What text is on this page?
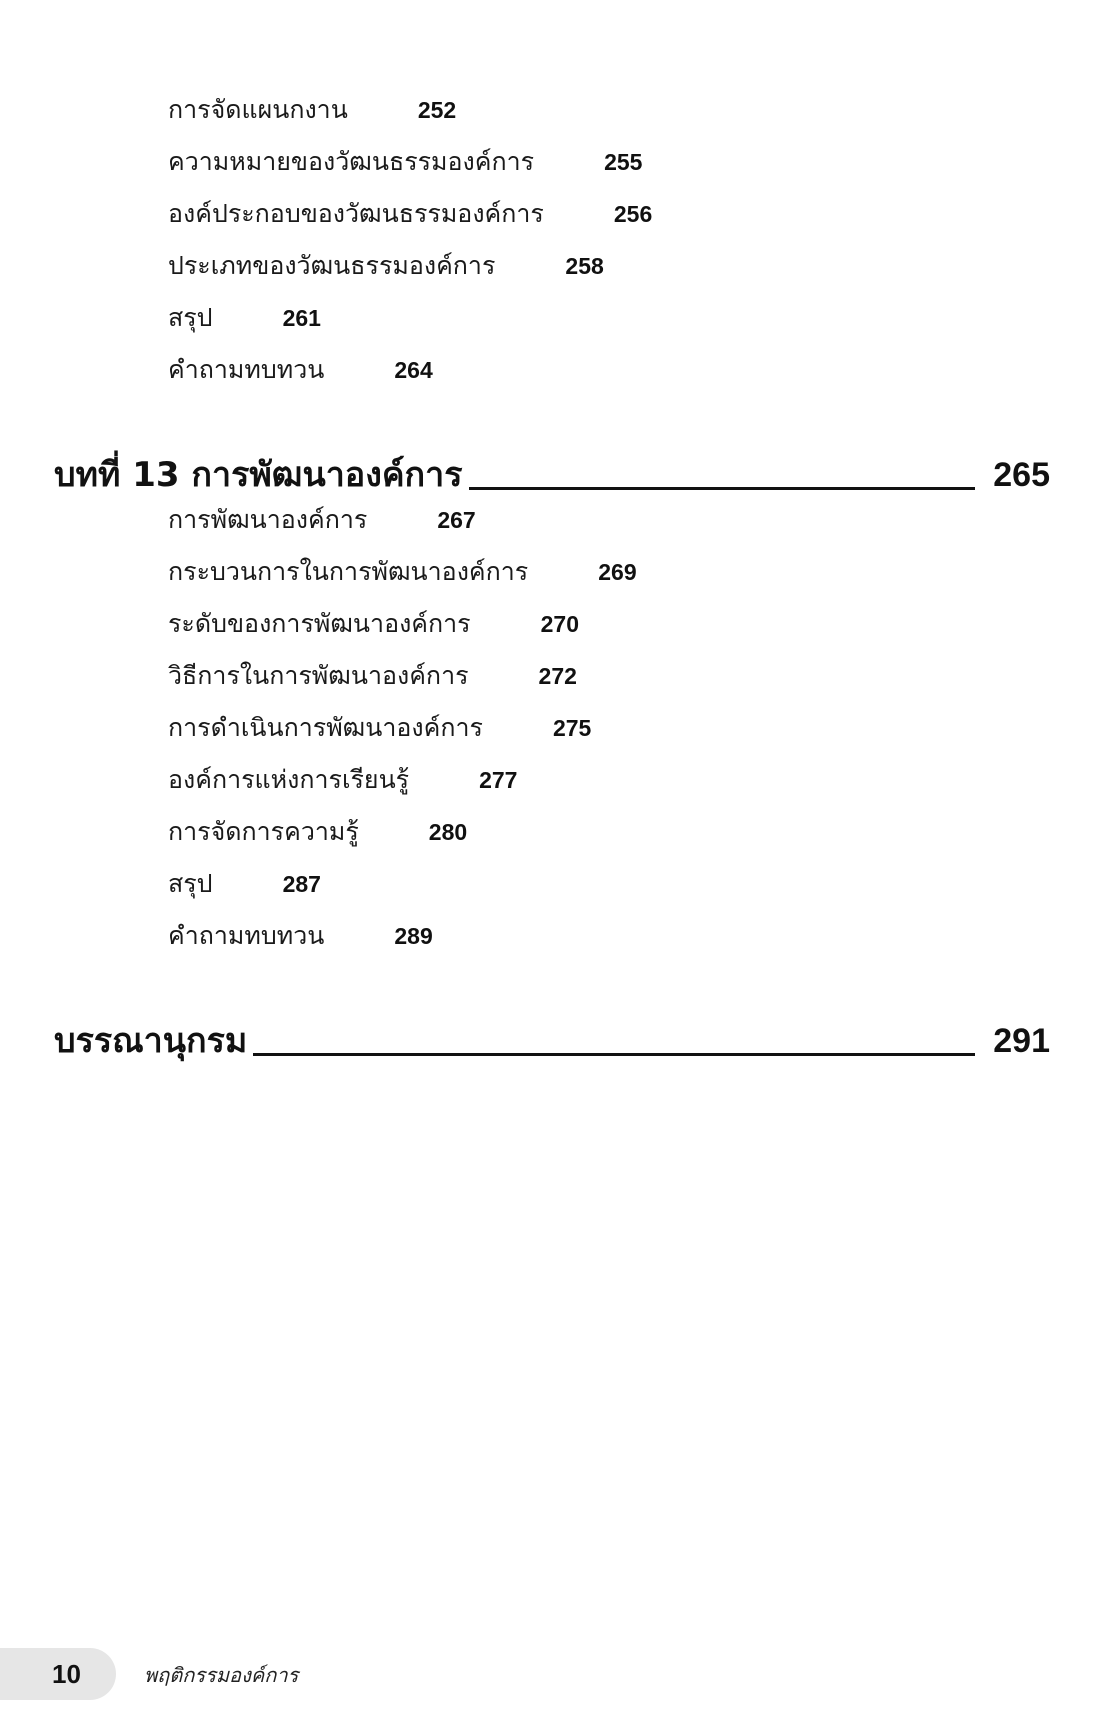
การจัดแผนกงาน	252
ความหมายของวัฒนธรรมองค์การ	255
องค์ประกอบของวัฒนธรรมองค์การ	256
ประเภทของวัฒนธรรมองค์การ	258
สรุป	261
คำถามทบทวน	264
บทที่ 13 การพัฒนาองค์การ	265
การพัฒนาองค์การ	267
กระบวนการในการพัฒนาองค์การ	269
ระดับของการพัฒนาองค์การ	270
วิธีการในการพัฒนาองค์การ	272
การดำเนินการพัฒนาองค์การ	275
องค์การแห่งการเรียนรู้	277
การจัดการความรู้	280
สรุป	287
คำถามทบทวน	289
บรรณานุกรม	291
10	พฤติกรรมองค์การ
